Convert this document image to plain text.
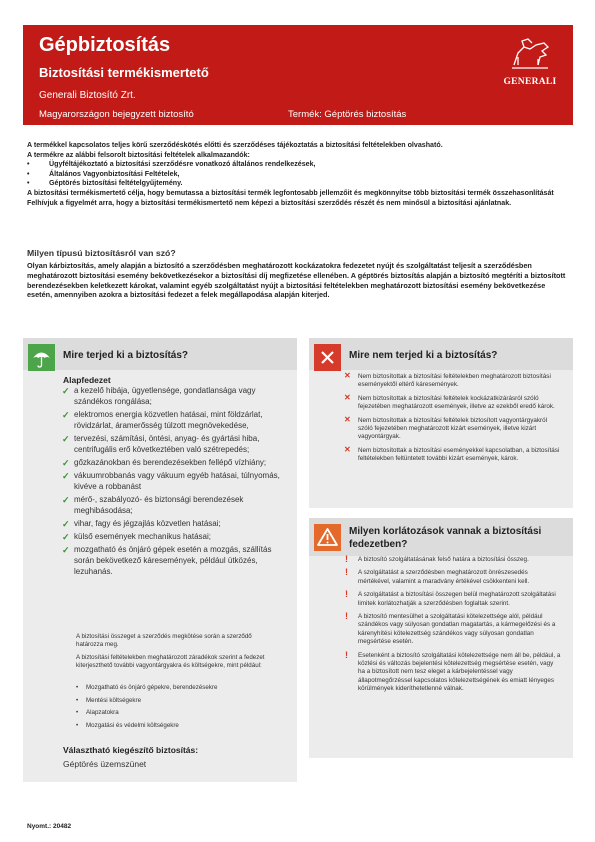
Gépbiztosítás
Biztosítási termékismertető
Generali Biztosító Zrt.
Magyarországon bejegyzett biztosító	Termék: Géptörés biztosítás
GENERALI
A termékkel kapcsolatos teljes körű szerződéskötés előtti és szerződéses tájékoztatás a biztosítási feltételekben olvasható.
A termékre az alábbi felsorolt biztosítási feltételek alkalmazandók:
• Ügyféltájékoztató a biztosítási szerződésre vonatkozó általános rendelkezések,
• Általános Vagyonbiztosítási Feltételek,
• Géptörés biztosítási feltételgyűjtemény.
A biztosítási termékismertető célja, hogy bemutassa a biztosítási termék legfontosabb jellemzőit és megkönnyítse több biztosítási termék összehasonlítását
Felhívjuk a figyelmét arra, hogy a biztosítási termékismertető nem képezi a biztosítási szerződés részét és nem minősül a biztosítási ajánlatnak.
Milyen típusú biztosításról van szó?
Olyan kárbiztosítás, amely alapján a biztosító a szerződésben meghatározott kockázatokra fedezetet nyújt és szolgáltatást teljesít a szerződésben meghatározott biztosítási esemény bekövetkezésekor a biztosítási díj megfizetése ellenében. A géptörés biztosítás alapján a biztosító megtéríti a biztosított berendezésekben keletkezett károkat, valamint egyéb szolgáltatást nyújt a biztosítási feltételekben meghatározott biztosítási esemény bekövetkezése esetén, amennyiben azokra a biztosítási fedezet a felek megállapodása alapján kiterjed.
Mire terjed ki a biztosítás?
Alapfedezet
✓ a kezelő hibája, ügyetlensége, gondatlansága vagy szándékos rongálása;
✓ elektromos energia közvetlen hatásai, mint földzárlat, rövidzárlat, áramerősség túlzott megnövekedése,
✓ tervezési, számítási, öntési, anyag- és gyártási hiba, centrifugális erő következtében való szétrepedés;
✓ gőzkazánokban és berendezésekben fellépő vízhiány;
✓ vákuumrobbanás vagy vákuum egyéb hatásai, túlnyomás, kivéve a robbanást
✓ mérő-, szabályozó- és biztonsági berendezések meghibásodása;
✓ vihar, fagy és jégzajlás közvetlen hatásai;
✓ külső események mechanikus hatásai;
✓ mozgatható és önjáró gépek esetén a mozgás, szállítás során bekövetkező káresemények, például ütközés, lezuhanás.
A biztosítási összeget a szerződés megkötése során a szerződő határozza meg.
A biztosítási feltételekben meghatározott záradékok szerint a fedezet kiterjeszthető további vagyontárgyakra és költségekre, mint például:
• Mozgatható és önjáró gépekre, berendezésekre
• Mentési költségekre
• Alapzatokra
• Mozgatási és védelmi költségekre
Választható kiegészítő biztosítás:
Géptörés üzemszünet
Mire nem terjed ki a biztosítás?
✕ Nem biztosítottak a biztosítási feltételekben meghatározott biztosítási eseményektől eltérő káresemények.
✕ Nem biztosítottak a biztosítási feltételek kockázatkizárásról szóló fejezetében meghatározott események, illetve az ezekből eredő károk.
✕ Nem biztosítottak a biztosítási feltételek biztosított vagyontárgyakról szóló fejezetében meghatározott kizárt események, illetve kizárt vagyontárgyak.
✕ Nem biztosítottak a biztosítási eseményekkel kapcsolatban, a biztosítási feltételekben feltüntetett további kizárt események, károk.
Milyen korlátozások vannak a biztosítási fedezetben?
! A biztosító szolgáltatásának felső határa a biztosítási összeg.
! A szolgáltatást a szerződésben meghatározott önrészesedés mértékével, valamint a maradvány értékével csökkenteni kell.
! A szolgáltatást a biztosítási összegen belül meghatározott szolgáltatási limitek korlátozhatják a szerződésben foglaltak szerint.
! A biztosító mentesülhet a szolgáltatási kötelezettsége alól, például szándékos vagy súlyosan gondatlan magatartás, a kármegelőzési és a kárenyhítési kötelezettség szándékos vagy súlyosan gondatlan megsértése esetén.
! Esetenként a biztosító szolgáltatási kötelezettsége nem áll be, például, a közlési és változás bejelentési kötelezettség megsértése esetén, vagy ha a biztosított nem tesz eleget a kárbejelentéssel vagy állapotmegőrzéssel kapcsolatos kötelezettségének és emiatt lényeges körülmények kideríthetetlenné válnak.
Nyomt.: 20482
